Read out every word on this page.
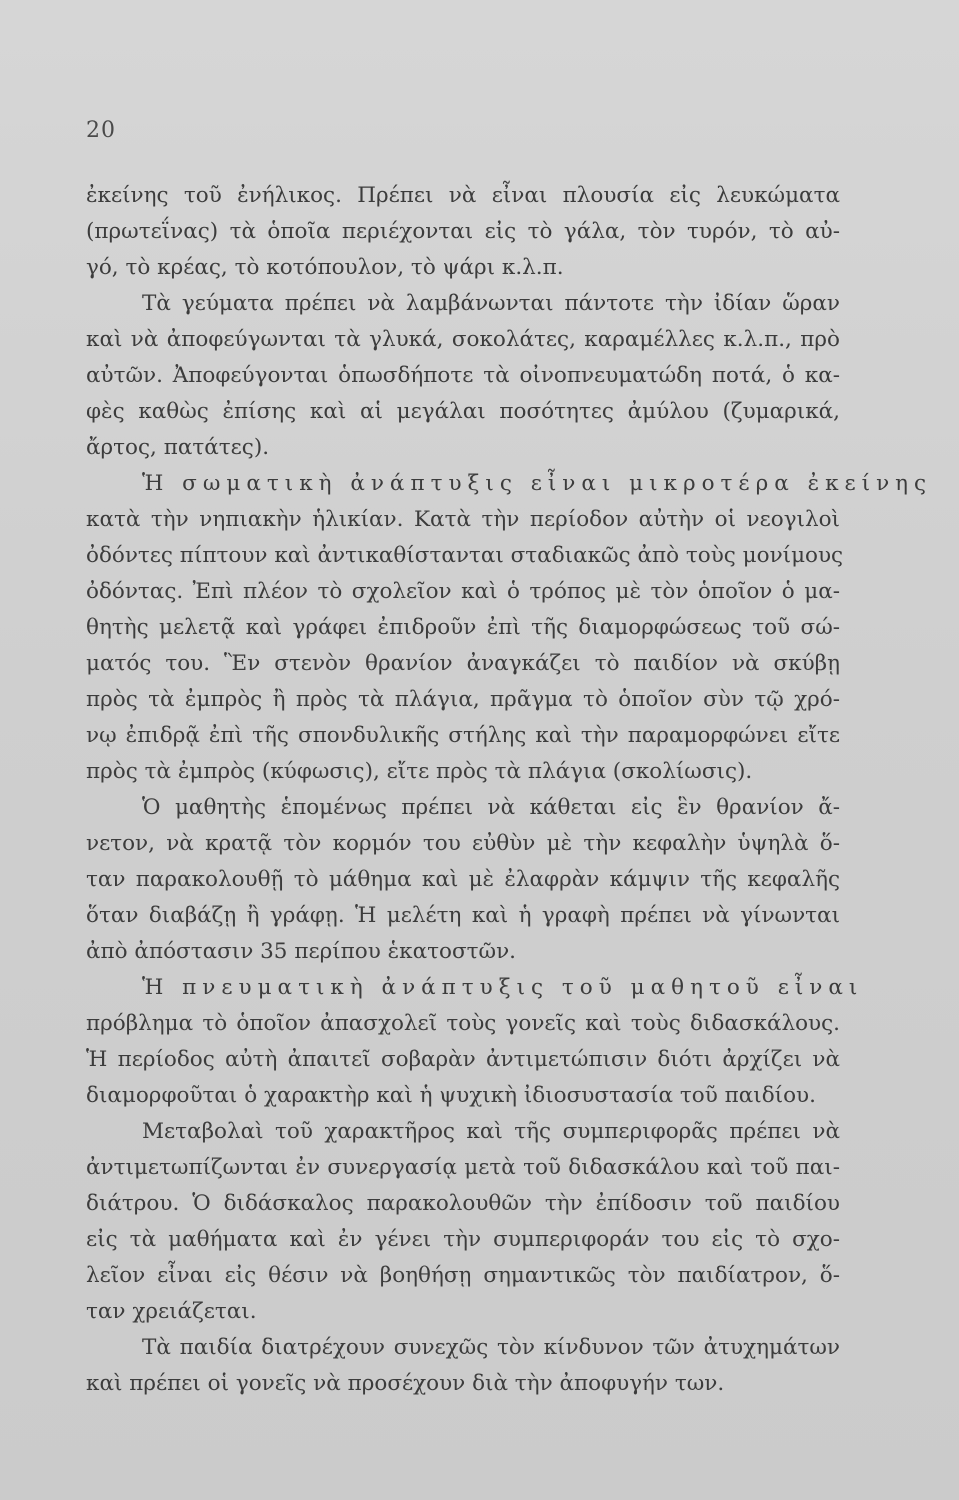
20
ἐκείνης τοῦ ἐνήλικος. Πρέπει νὰ εἶναι πλουσία εἰς λευκώματα
(πρωτεΐνας) τὰ ὁποῖα περιέχονται εἰς τὸ γάλα, τὸν τυρόν, τὸ αὐ-
γό, τὸ κρέας, τὸ κοτόπουλον, τὸ ψάρι κ.λ.π.
Τὰ γεύματα πρέπει νὰ λαμβάνωνται πάντοτε τὴν ἰδίαν ὥραν
καὶ νὰ ἀποφεύγωνται τὰ γλυκά, σοκολάτες, καραμέλλες κ.λ.π., πρὸ
αὐτῶν. Ἀποφεύγονται ὁπωσδήποτε τὰ οἰνοπνευματώδη ποτά, ὁ κα-
φὲς καθὼς ἐπίσης καὶ αἱ μεγάλαι ποσότητες ἀμύλου (ζυμαρικά,
ἄρτος, πατάτες).
Ἡ σωματικὴ ἀνάπτυξις εἶναι μικροτέρα ἐκείνης
κατὰ τὴν νηπιακὴν ἡλικίαν. Κατὰ τὴν περίοδον αὐτὴν οἱ νεογιλοὶ
ὀδόντες πίπτουν καὶ ἀντικαθίστανται σταδιακῶς ἀπὸ τοὺς μονίμους
ὀδόντας. Ἐπὶ πλέον τὸ σχολεῖον καὶ ὁ τρόπος μὲ τὸν ὁποῖον ὁ μα-
θητὴς μελετᾷ καὶ γράφει ἐπιδροῦν ἐπὶ τῆς διαμορφώσεως τοῦ σώ-
ματός του. Ἓν στενὸν θρανίον ἀναγκάζει τὸ παιδίον νὰ σκύβῃ
πρὸς τὰ ἐμπρὸς ἢ πρὸς τὰ πλάγια, πρᾶγμα τὸ ὁποῖον σὺν τῷ χρό-
νῳ ἐπιδρᾷ ἐπὶ τῆς σπονδυλικῆς στήλης καὶ τὴν παραμορφώνει εἴτε
πρὸς τὰ ἐμπρὸς (κύφωσις), εἴτε πρὸς τὰ πλάγια (σκολίωσις).
Ὁ μαθητὴς ἑπομένως πρέπει νὰ κάθεται εἰς ἓν θρανίον ἄ-
νετον, νὰ κρατᾷ τὸν κορμόν του εὐθὺν μὲ τὴν κεφαλὴν ὑψηλὰ ὅ-
ταν παρακολουθῇ τὸ μάθημα καὶ μὲ ἐλαφρὰν κάμψιν τῆς κεφαλῆς
ὅταν διαβάζῃ ἢ γράφῃ. Ἡ μελέτη καὶ ἡ γραφὴ πρέπει νὰ γίνωνται
ἀπὸ ἀπόστασιν 35 περίπου ἑκατοστῶν.
Ἡ πνευματικὴ ἀνάπτυξις τοῦ μαθητοῦ εἶναι
πρόβλημα τὸ ὁποῖον ἀπασχολεῖ τοὺς γονεῖς καὶ τοὺς διδασκάλους.
Ἡ περίοδος αὐτὴ ἀπαιτεῖ σοβαρὰν ἀντιμετώπισιν διότι ἀρχίζει νὰ
διαμορφοῦται ὁ χαρακτὴρ καὶ ἡ ψυχικὴ ἰδιοσυστασία τοῦ παιδίου.
Μεταβολαὶ τοῦ χαρακτῆρος καὶ τῆς συμπεριφορᾶς πρέπει νὰ
ἀντιμετωπίζωνται ἐν συνεργασίᾳ μετὰ τοῦ διδασκάλου καὶ τοῦ παι-
διάτρου. Ὁ διδάσκαλος παρακολουθῶν τὴν ἐπίδοσιν τοῦ παιδίου
εἰς τὰ μαθήματα καὶ ἐν γένει τὴν συμπεριφοράν του εἰς τὸ σχο-
λεῖον εἶναι εἰς θέσιν νὰ βοηθήσῃ σημαντικῶς τὸν παιδίατρον, ὅ-
ταν χρειάζεται.
Τὰ παιδία διατρέχουν συνεχῶς τὸν κίνδυνον τῶν ἀτυχημάτων
καὶ πρέπει οἱ γονεῖς νὰ προσέχουν διὰ τὴν ἀποφυγήν των.
